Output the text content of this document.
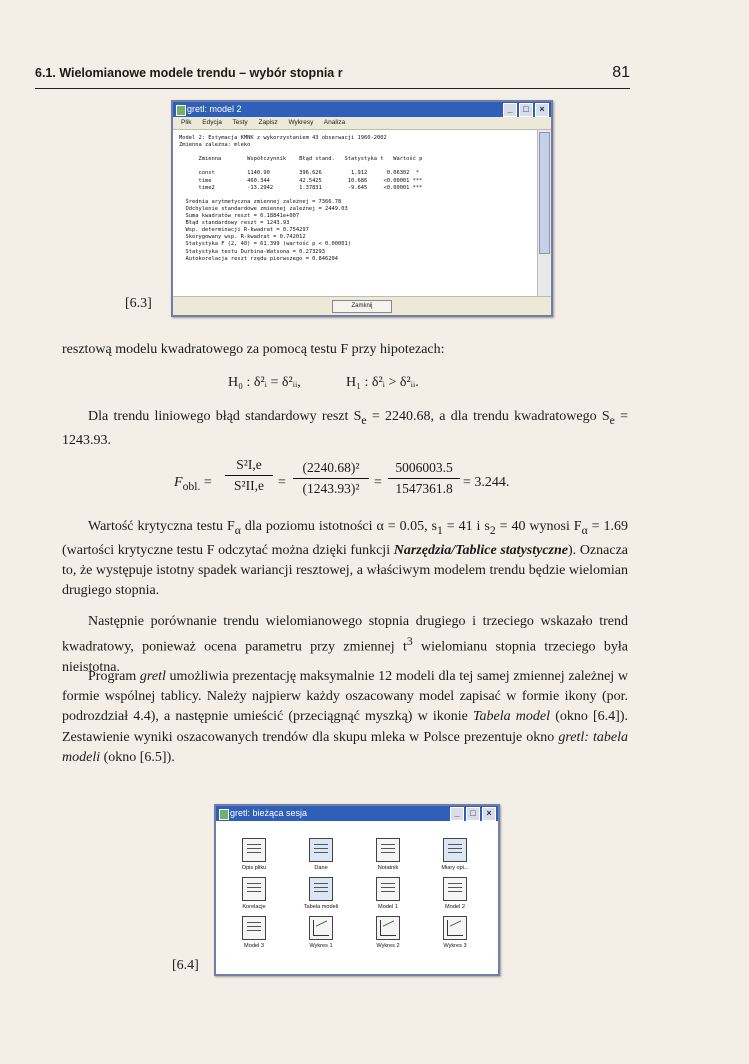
6.1. Wielomianowe modele trendu – wybór stopnia r	81
gretl: model 2	_	□	×
Plik Edycja Testy Zapisz Wykresy Analiza
Model 2: Estymacja KMNK z wykorzystaniem 43 obserwacji 1960-2002
Zmienna zależna: mleko

Zmienna        Współczynnik    Błąd stand.   Statystyka t   Wartość p

const          1140.90         396.626         1.912      0.06302  *
time           460.344         42.5425        10.686     <0.00001 ***
time2          -13.2942        1.37831        -9.645     <0.00001 ***

Średnia arytmetyczna zmiennej zależnej = 7366.78
Odchylenie standardowe zmiennej zależnej = 2449.03
Suma kwadratów reszt = 6.18841e+007
Błąd standardowy reszt = 1243.93
Wsp. determinacji R-kwadrat = 0.754297
Skorygowany wsp. R-kwadrat = 0.742012
Statystyka F (2, 40) = 61.399 (wartość p < 0.00001)
Statystyka testu Durbina-Watsona = 0.273293
Autokorelacja reszt rzędu pierwszego = 0.846204
Zamknij
[6.3]
resztową modelu kwadratowego za pomocą testu F przy hipotezach:
H₀ : δ²ᵢ = δ²ᵢᵢ,	H₁ : δ²ᵢ > δ²ᵢᵢ.
Dla trendu liniowego błąd standardowy reszt $S_e = 2240.68$, a dla trendu kwadratowego $S_e = 1243.93$.
$F_{obl.}$ =
S²I,e
S²II,e	=
(2240.68)²
(1243.93)²	=
5006003.5
1547361.8 = 3.244.
Wartość krytyczna testu $F_\alpha$ dla poziomu istotności α = 0.05, $s_1 = 41$ i $s_2 = 40$ wynosi $F_\alpha = 1.69$ (wartości krytyczne testu F odczytać można dzięki funkcji Narzędzia/Tablice statystyczne). Oznacza to, że występuje istotny spadek wariancji resztowej, a właściwym modelem trendu będzie wielomian drugiego stopnia.
Następnie porównanie trendu wielomianowego stopnia drugiego i trzeciego wskazało trend kwadratowy, ponieważ ocena parametru przy zmiennej $t^3$ wielomianu stopnia trzeciego była nieistotna.
Program gretl umożliwia prezentację maksymalnie 12 modeli dla tej samej zmiennej zależnej w formie wspólnej tablicy. Należy najpierw każdy oszacowany model zapisać w formie ikony (por. podrozdział 4.4), a następnie umieścić (przeciągnąć myszką) w ikonie Tabela model (okno [6.4]). Zestawienie wyniki oszacowanych trendów dla skupu mleka w Polsce prezentuje okno gretl: tabela modeli (okno [6.5]).
gretl: bieżąca sesja	_	□	×
Opis pliku	Dane	Notatnik	Miary opi...
Korelacje	Tabela modeli	Model 1	Model 2
Model 3	Wykres 1	Wykres 2	Wykres 3
[6.4]
